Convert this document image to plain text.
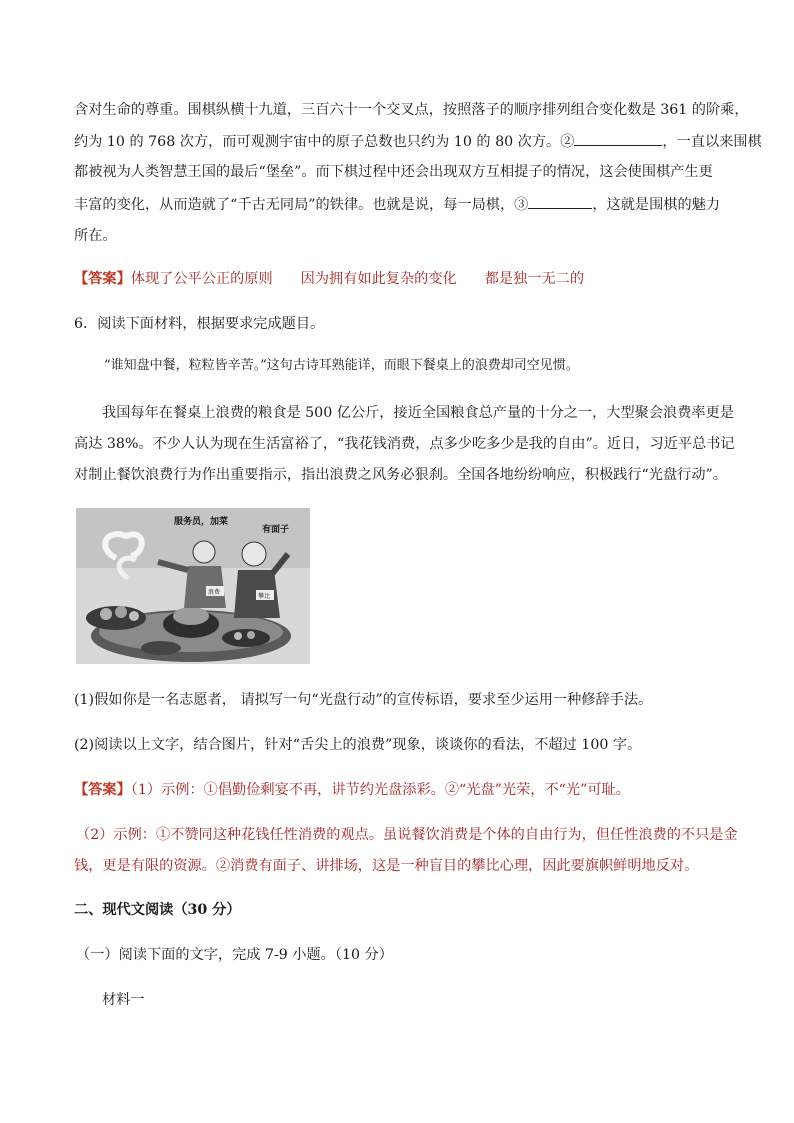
含对生命的尊重。围棋纵横十九道，三百六十一个交叉点，按照落子的顺序排列组合变化数是 361 的阶乘，
约为 10 的 768 次方，而可观测宇宙中的原子总数也只约为 10 的 80 次方。②	，一直以来围棋
都被视为人类智慧王国的最后“堡垒”。而下棋过程中还会出现双方互相提子的情况，这会使围棋产生更
丰富的变化，从而造就了“千古无同局”的铁律。也就是说，每一局棋，③	，这就是围棋的魅力
所在。
【答案】体现了公平公正的原则 因为拥有如此复杂的变化 都是独一无二的
6．阅读下面材料，根据要求完成题目。
“谁知盘中餐，粒粒皆辛苦。”这句古诗耳熟能详，而眼下餐桌上的浪费却司空见惯。
我国每年在餐桌上浪费的粮食是 500 亿公斤，接近全国粮食总产量的十分之一，大型聚会浪费率更是
高达 38%。不少人认为现在生活富裕了，“我花钱消费，点多少吃多少是我的自由”。近日，习近平总书记
对制止餐饮浪费行为作出重要指示，指出浪费之风务必狠刹。全国各地纷纷响应，积极践行“光盘行动”。
服务员，加菜
有面子
浪费
攀比
(1)假如你是一名志愿者， 请拟写一句“光盘行动”的宣传标语，要求至少运用一种修辞手法。
(2)阅读以上文字，结合图片，针对“舌尖上的浪费”现象，谈谈你的看法，不超过 100 字。
【答案】（1）示例：①倡勤俭剩宴不再，讲节约光盘添彩。②“光盘”光荣，不“光”可耻。
（2）示例：①不赞同这种花钱任性消费的观点。虽说餐饮消费是个体的自由行为，但任性浪费的不只是金
钱，更是有限的资源。②消费有面子、讲排场，这是一种盲目的攀比心理，因此要旗帜鲜明地反对。
二、现代文阅读（30 分）
（一）阅读下面的文字，完成 7-9 小题。（10 分）
材料一
